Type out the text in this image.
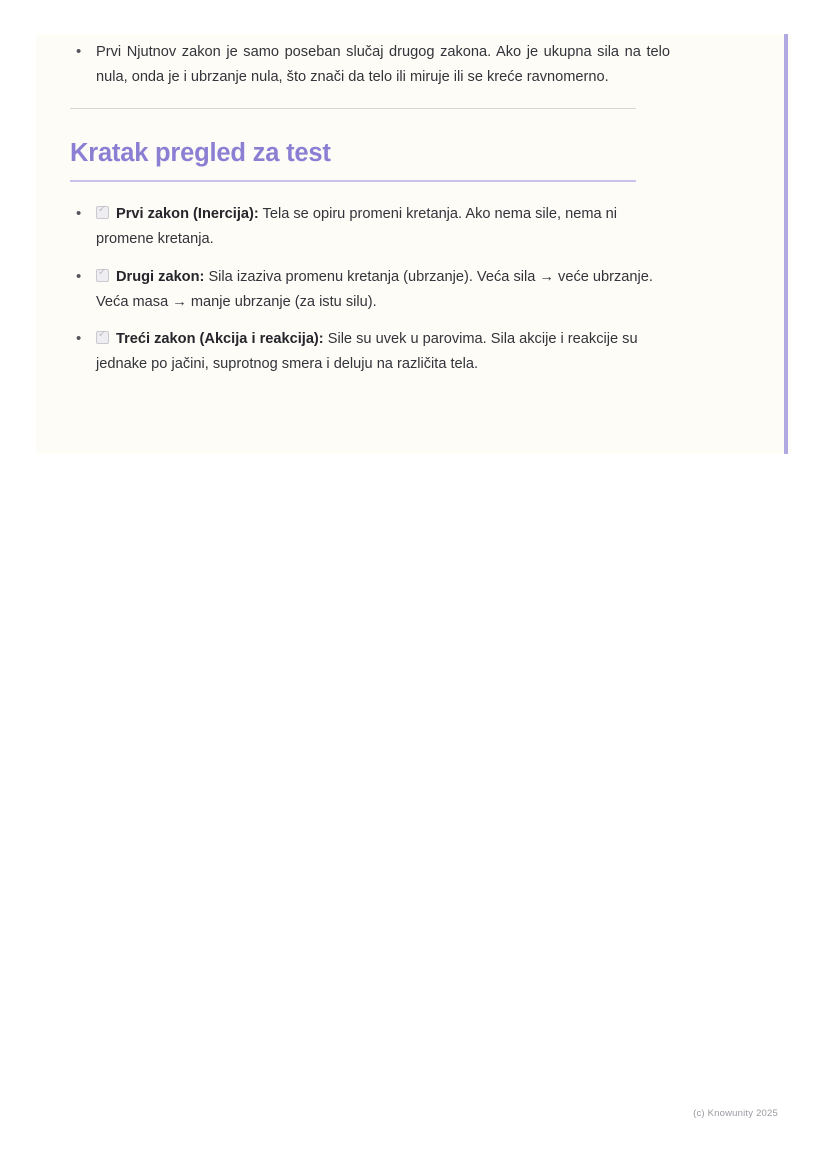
• Prvi Njutnov zakon je samo poseban slučaj drugog zakona. Ako je ukupna sila na telo nula, onda je i ubrzanje nula, što znači da telo ili miruje ili se kreće ravnomerno.
Kratak pregled za test
✓• Prvi zakon (Inercija): Tela se opiru promeni kretanja. Ako nema sile, nema ni promene kretanja.
✓• Drugi zakon: Sila izaziva promenu kretanja (ubrzanje). Veća sila → veće ubrzanje. Veća masa → manje ubrzanje (za istu silu).
✓• Treći zakon (Akcija i reakcija): Sile su uvek u parovima. Sila akcije i reakcije su jednake po jačini, suprotnog smera i deluju na različita tela.
(c) Knowunity 2025
